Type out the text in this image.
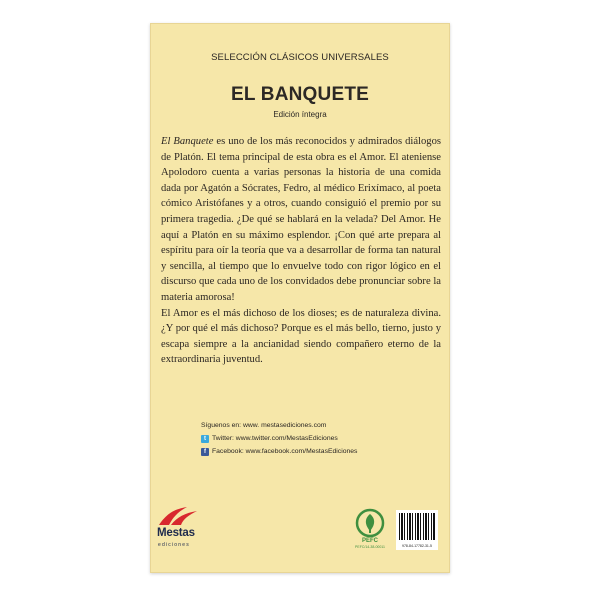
SELECCIÓN CLÁSICOS UNIVERSALES
EL BANQUETE
Edición íntegra

El Banquete es uno de los más reconocidos y admirados diálogos de Platón. El tema principal de esta obra es el Amor. El ateniense Apolodoro cuenta a varias personas la historia de una comida dada por Agatón a Sócrates, Fedro, al médico Erixímaco, al poeta cómico Aristófanes y a otros, cuando consiguió el premio por su primera tragedia. ¿De qué se hablará en la velada? Del Amor. He aquí a Platón en su máximo esplendor. ¡Con qué arte prepara al espíritu para oír la teoría que va a desarrollar de forma tan natural y sencilla, al tiempo que lo envuelve todo con rigor lógico en el discurso que cada uno de los convidados debe pronunciar sobre la materia amorosa!

El Amor es el más dichoso de los dioses; es de naturaleza divina. ¿Y por qué el más dichoso? Porque es el más bello, tierno, justo y escapa siempre a la ancianidad siendo compañero eterno de la extraordinaria juventud.

Síguenos en: www. mestasediciones.com
t Twitter: www.twitter.com/MestasEdiciones
f Facebook: www.facebook.com/MestasEdiciones
Mestas
ediciones
PEFC
PEFC/14-38-00011	978-84-17782-31-5
